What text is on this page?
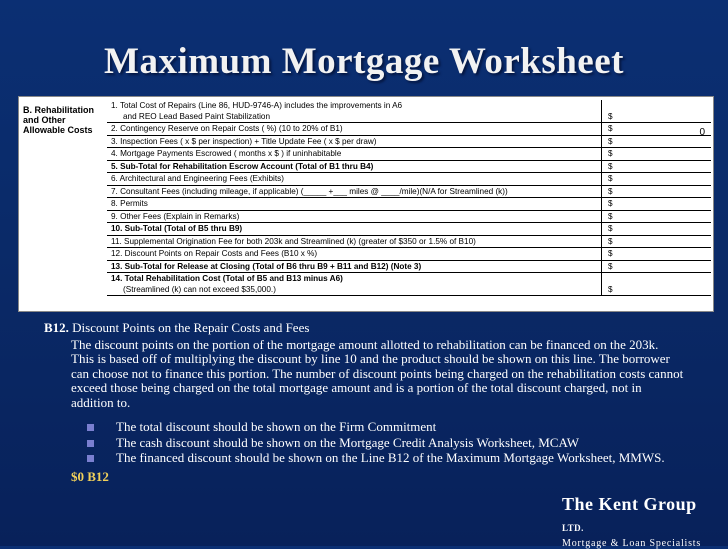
Maximum Mortgage Worksheet
B. Rehabilitation and Other Allowable Costs
1. Total Cost of Repairs (Line 86, HUD-9746-A) includes the improvements in A6
and REO Lead Based Paint Stabilization	$
2. Contingency Reserve on Repair Costs ( %) (10 to 20% of B1)	$
3. Inspection Fees ( x $ per inspection) + Title Update Fee ( x $ per draw)	$
4. Mortgage Payments Escrowed ( months x $ ) if uninhabitable	$
5. Sub-Total for Rehabilitation Escrow Account (Total of B1 thru B4)	$
6. Architectural and Engineering Fees (Exhibits)	$
7. Consultant Fees (including mileage, if applicable) (_____ +___ miles @ ____/mile)(N/A for Streamlined (k))	$
8. Permits	$
9. Other Fees (Explain in Remarks)	$
10. Sub-Total (Total of B5 thru B9)	$
11. Supplemental Origination Fee for both 203k and Streamlined (k) (greater of $350 or 1.5% of B10)	$
12. Discount Points on Repair Costs and Fees (B10 x %)	$
13. Sub-Total for Release at Closing (Total of B6 thru B9 + B11 and B12) (Note 3)	$
14. Total Rehabilitation Cost (Total of B5 and B13 minus A6)
(Streamlined (k) can not exceed $35,000.)	$
0
B12. Discount Points on the Repair Costs and Fees
The discount points on the portion of the mortgage amount allotted to rehabilitation can be financed on the 203k. This is based off of multiplying the discount by line 10 and the product should be shown on this line. The borrower can choose not to finance this portion. The number of discount points being charged on the rehabilitation costs cannot exceed those being charged on the total mortgage amount and is a portion of the total discount charged, not in addition to.
The total discount should be shown on the Firm Commitment
The cash discount should be shown on the Mortgage Credit Analysis Worksheet, MCAW
The financed discount should be shown on the Line B12 of the Maximum Mortgage Worksheet, MMWS.
$0 B12
The Kent Group LTD.
Mortgage & Loan Specialists
